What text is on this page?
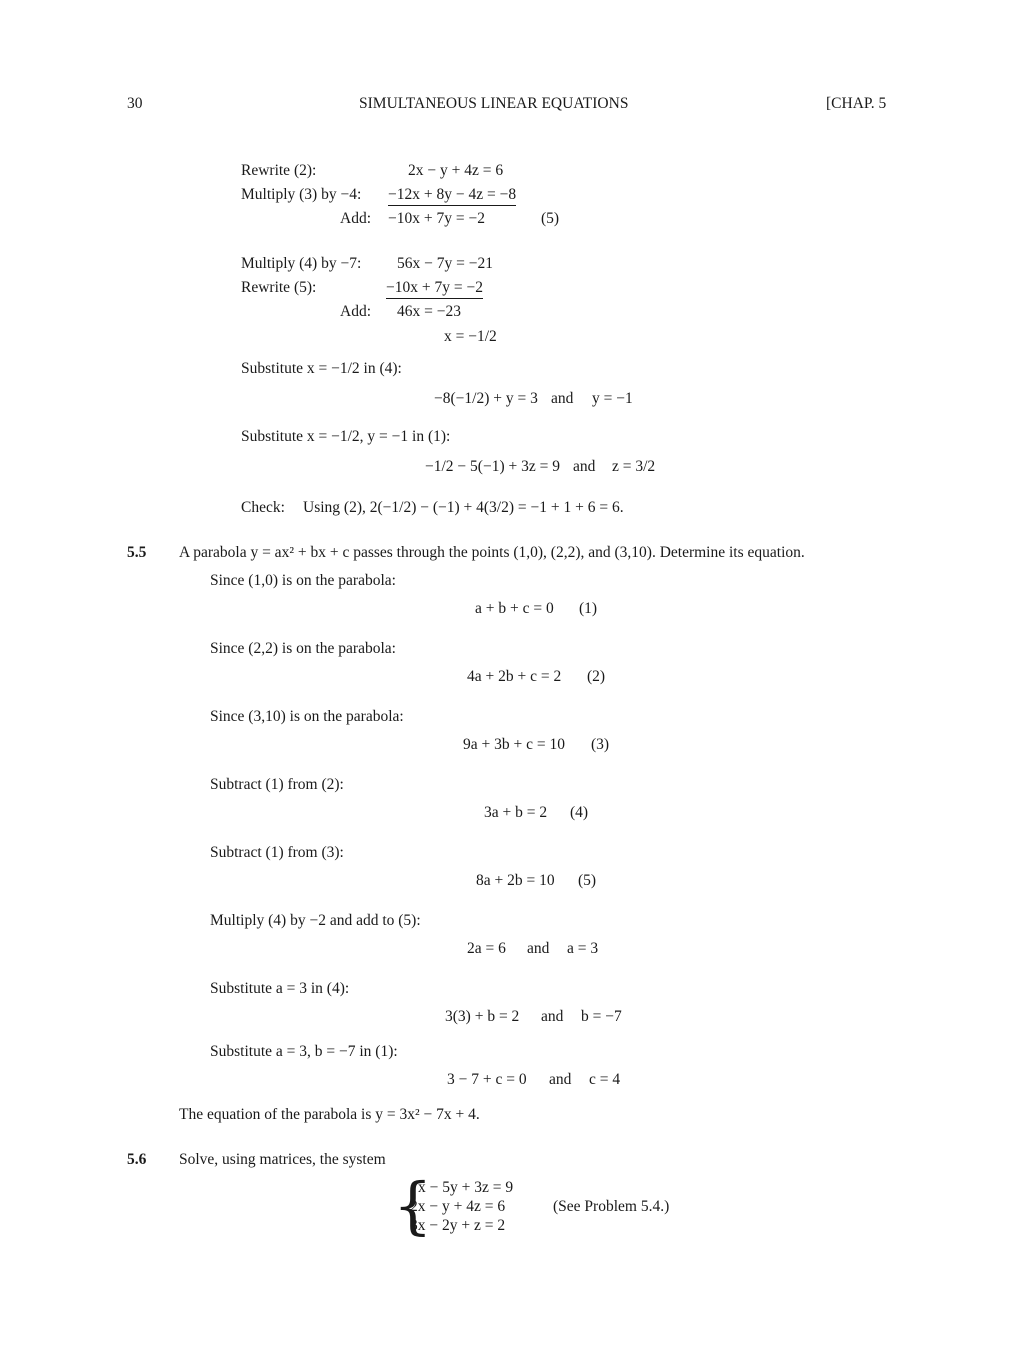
30	SIMULTANEOUS LINEAR EQUATIONS	[CHAP. 5
Rewrite (2):	2x − y + 4z = 6
Multiply (3) by −4: −12x + 8y − 4z = −8
Add: −10x + 7y = −2	(5)
Multiply (4) by −7: 56x − 7y = −21
Rewrite (5):	−10x + 7y = −2
Add: 46x = −23
x = −1/2
Substitute x = −1/2 in (4):
−8(−1/2) + y = 3 and y = −1
Substitute x = −1/2, y = −1 in (1):
−1/2 − 5(−1) + 3z = 9 and z = 3/2
Check: Using (2), 2(−1/2) − (−1) + 4(3/2) = −1 + 1 + 6 = 6.
5.5 A parabola y = ax² + bx + c passes through the points (1,0), (2,2), and (3,10). Determine its equation.
Since (1,0) is on the parabola:
a + b + c = 0 (1)
Since (2,2) is on the parabola:
4a + 2b + c = 2 (2)
Since (3,10) is on the parabola:
9a + 3b + c = 10 (3)
Subtract (1) from (2):
3a + b = 2 (4)
Subtract (1) from (3):
8a + 2b = 10 (5)
Multiply (4) by −2 and add to (5):
2a = 6 and a = 3
Substitute a = 3 in (4):
3(3) + b = 2 and b = −7
Substitute a = 3, b = −7 in (1):
3 − 7 + c = 0 and c = 4
The equation of the parabola is y = 3x² − 7x + 4.
5.6 Solve, using matrices, the system
{
x − 5y + 3z = 9
2x − y + 4z = 6
3x − 2y + z = 2
(See Problem 5.4.)
